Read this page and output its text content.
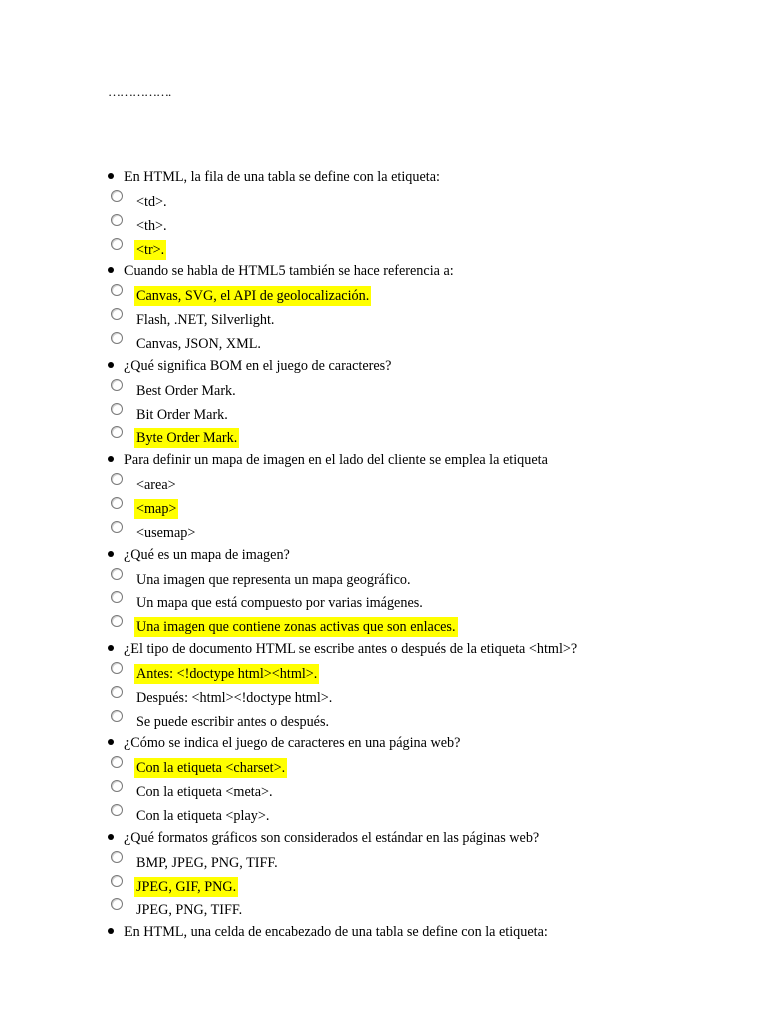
…………….
En HTML, la fila de una tabla se define con la etiqueta:
<td>.
<th>.
<tr>.
Cuando se habla de HTML5 también se hace referencia a:
Canvas, SVG, el API de geolocalización.
Flash, .NET, Silverlight.
Canvas, JSON, XML.
¿Qué significa BOM en el juego de caracteres?
Best Order Mark.
Bit Order Mark.
Byte Order Mark.
Para definir un mapa de imagen en el lado del cliente se emplea la etiqueta
<area>
<map>
<usemap>
¿Qué es un mapa de imagen?
Una imagen que representa un mapa geográfico.
Un mapa que está compuesto por varias imágenes.
Una imagen que contiene zonas activas que son enlaces.
¿El tipo de documento HTML se escribe antes o después de la etiqueta <html>?
Antes: <!doctype html><html>.
Después: <html><!doctype html>.
Se puede escribir antes o después.
¿Cómo se indica el juego de caracteres en una página web?
Con la etiqueta <charset>.
Con la etiqueta <meta>.
Con la etiqueta <play>.
¿Qué formatos gráficos son considerados el estándar en las páginas web?
BMP, JPEG, PNG, TIFF.
JPEG, GIF, PNG.
JPEG, PNG, TIFF.
En HTML, una celda de encabezado de una tabla se define con la etiqueta:
